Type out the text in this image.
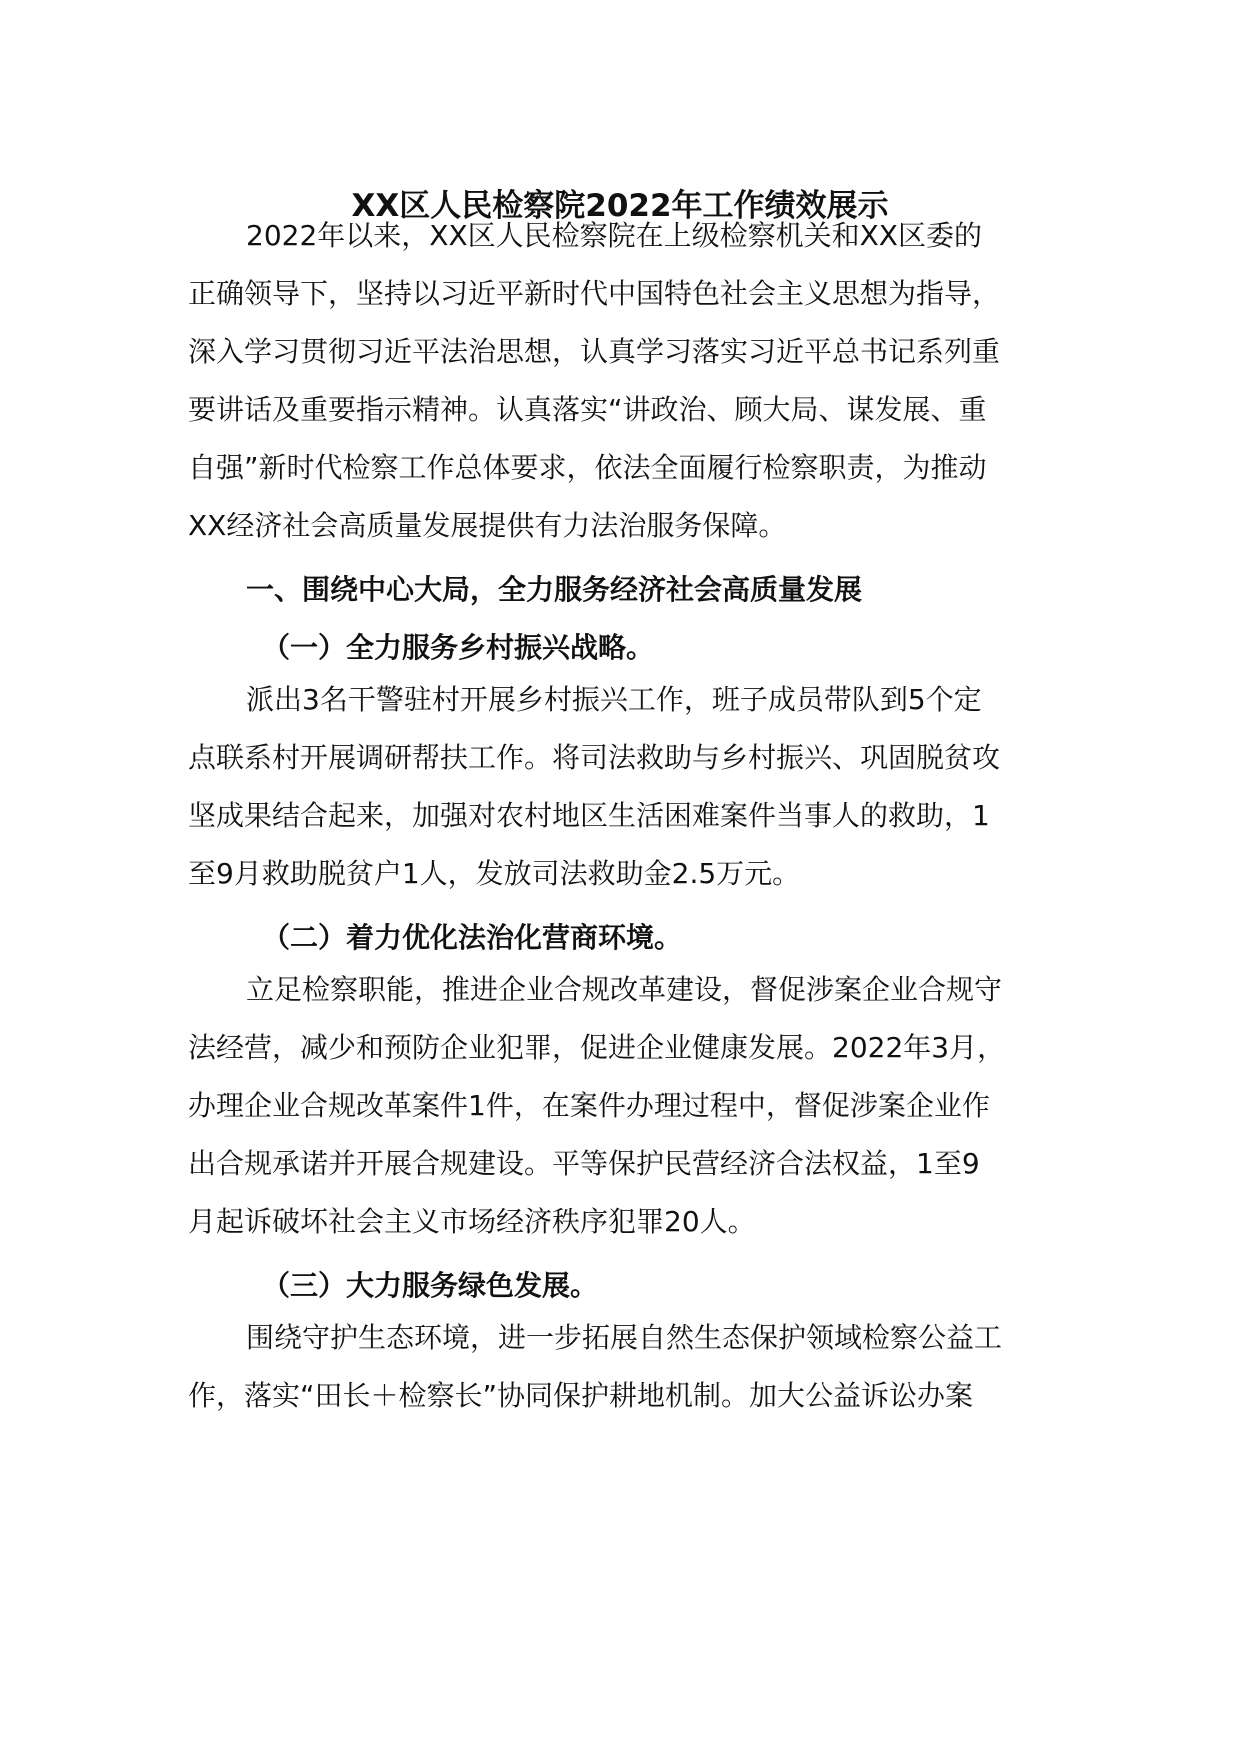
XX区人民检察院2022年工作绩效展示
2022年以来，XX区人民检察院在上级检察机关和XX区委的
正确领导下，坚持以习近平新时代中国特色社会主义思想为指导，
深入学习贯彻习近平法治思想，认真学习落实习近平总书记系列重
要讲话及重要指示精神。认真落实“讲政治、顾大局、谋发展、重
自强”新时代检察工作总体要求，依法全面履行检察职责，为推动
XX经济社会高质量发展提供有力法治服务保障。
一、围绕中心大局，全力服务经济社会高质量发展
（一）全力服务乡村振兴战略。
派出3名干警驻村开展乡村振兴工作，班子成员带队到5个定
点联系村开展调研帮扶工作。将司法救助与乡村振兴、巩固脱贫攻
坚成果结合起来，加强对农村地区生活困难案件当事人的救助，1
至9月救助脱贫户1人，发放司法救助金2.5万元。
（二）着力优化法治化营商环境。
立足检察职能，推进企业合规改革建设，督促涉案企业合规守
法经营，减少和预防企业犯罪，促进企业健康发展。2022年3月，
办理企业合规改革案件1件，在案件办理过程中，督促涉案企业作
出合规承诺并开展合规建设。平等保护民营经济合法权益，1至9
月起诉破坏社会主义市场经济秩序犯罪20人。
（三）大力服务绿色发展。
围绕守护生态环境，进一步拓展自然生态保护领域检察公益工
作，落实“田长＋检察长”协同保护耕地机制。加大公益诉讼办案
